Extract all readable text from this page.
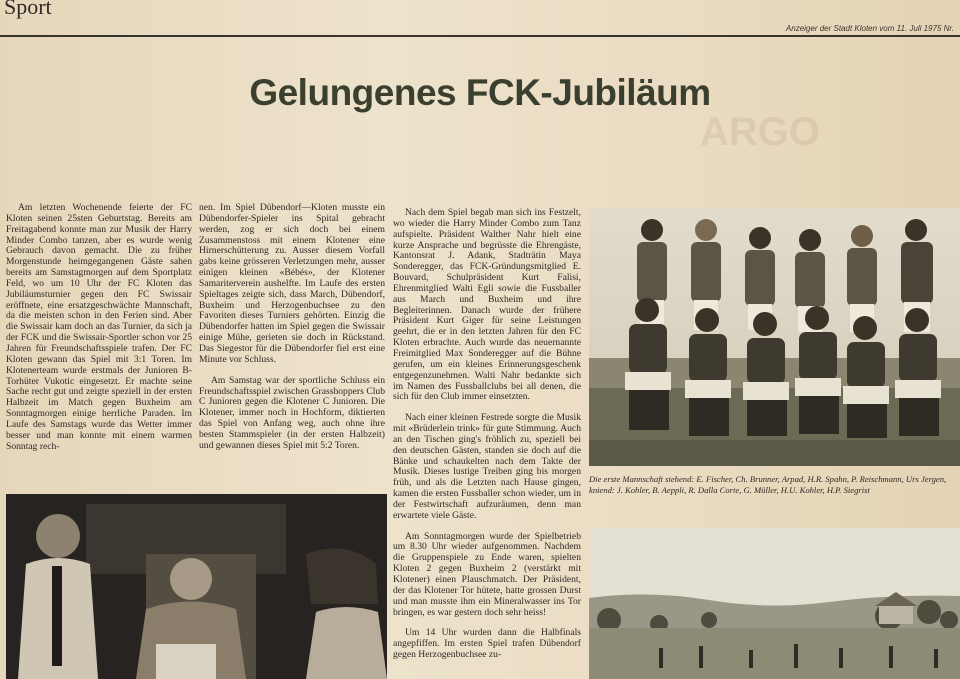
ARGO
Sport
Anzeiger der Stadt Kloten vom 11. Juli 1975 Nr.
Gelungenes FCK-Jubiläum

Am letzten Wochenende feierte der FC Kloten seinen 25sten Geburtstag. Bereits am Freitagabend konnte man zur Musik der Harry Minder Combo tanzen, aber es wurde wenig Gebrauch davon gemacht. Die zu früher Morgenstunde heimgegangenen Gäste sahen bereits am Samstagmorgen auf dem Sportplatz Feld, wo um 10 Uhr der FC Kloten das Jubiläumsturnier gegen den FC Swissair eröffnete, eine ersatzgeschwächte Mannschaft, da die meisten schon in den Ferien sind. Aber die Swissair kam doch an das Turnier, da sich ja der FCK und die Swissair-Sportler schon vor 25 Jahren für Freundschaftsspiele trafen. Der FC Kloten gewann das Spiel mit 3:1 Toren. Im Klotenerteam wurde erstmals der Junioren B-Torhüter Vukotic eingesetzt. Er machte seine Sache recht gut und zeigte speziell in der ersten Halbzeit im Match gegen Buxheim am Sonntagmorgen einige herrliche Paraden. Im Laufe des Samstags wurde das Wetter immer besser und man konnte mit einem warmen Sonntag rech-

nen. Im Spiel Dübendorf—Kloten musste ein Dübendorfer-Spieler ins Spital gebracht werden, zog er sich doch bei einem Zusammenstoss mit einem Klotener eine Hirnerschütterung zu. Ausser diesem Vorfall gabs keine grösseren Verletzungen mehr, ausser einigen kleinen «Bébés», der Klotener Samariterverein aushelfte. Im Laufe des ersten Spieltages zeigte sich, dass March, Dübendorf, Buxheim und Herzogenbuchsee zu den Favoriten dieses Turniers gehörten. Einzig die Dübendorfer hatten im Spiel gegen die Swissair einige Mühe, gerieten sie doch in Rückstand. Das Siegestor für die Dübendorfer fiel erst eine Minute vor Schluss.

Am Samstag war der sportliche Schluss ein Freundschaftsspiel zwischen Grasshoppers Club C Junioren gegen die Klotener C Junioren. Die Klotener, immer noch in Hochform, diktierten das Spiel von Anfang weg, auch ohne ihre besten Stammspieler (in der ersten Halbzeit) und gewannen dieses Spiel mit 5:2 Toren.

Nach dem Spiel begab man sich ins Festzelt, wo wieder die Harry Minder Combo zum Tanz aufspielte. Präsident Walther Nahr hielt eine kurze Ansprache und begrüsste die Ehrengäste, Kantonsrat J. Adank, Stadträtin Maya Sonderegger, das FCK-Gründungsmitglied E. Bouvard, Schulpräsident Kurt Falisi, Ehrenmitglied Walti Egli sowie die Fussballer aus March und Buxheim und ihre Begleiterinnen. Danach wurde der frühere Präsident Kurt Giger für seine Leistungen geehrt, die er in den letzten Jahren für den FC Kloten erbrachte. Auch wurde das neuernannte Freimitglied Max Sonderegger auf die Bühne gerufen, um ein kleines Erinnerungsgeschenk entgegenzunehmen. Walti Nahr bedankte sich im Namen des Fussballclubs bei all denen, die sich für den Club immer einsetzten.

Nach einer kleinen Festrede sorgte die Musik mit «Brüderlein trink» für gute Stimmung. Auch an den Tischen ging's fröhlich zu, speziell bei den deutschen Gästen, standen sie doch auf die Bänke und schaukelten nach dem Takte der Musik. Dieses lustige Treiben ging bis morgen früh, und als die Letzten nach Hause gingen, kamen die ersten Fussballer schon wieder, um in der Festwirtschaft aufzuräumen, denn man erwartete viele Gäste.

Am Sonntagmorgen wurde der Spielbetrieb um 8.30 Uhr wieder aufgenommen. Nachdem die Gruppenspiele zu Ende waren, spielten Kloten 2 gegen Buxheim 2 (verstärkt mit Klotener) einen Plauschmatch. Der Präsident, der das Klotener Tor hütete, hatte grossen Durst und man musste ihm ein Mineralwasser ins Tor bringen, es war gestern doch sehr heiss!

Um 14 Uhr wurden dann die Halbfinals angepfiffen. Im ersten Spiel trafen Dübendorf gegen Herzogenbuchsee zu-

Die erste Mannschaft stehend: E. Fischer, Ch. Brunner, Arpad, H.R. Spahn, P. Reischmann, Urs Jergen, kniend: J. Kohler, B. Aeppli, R. Dalla Corte, G. Müller, H.U. Kohler, H.P. Siegrist
